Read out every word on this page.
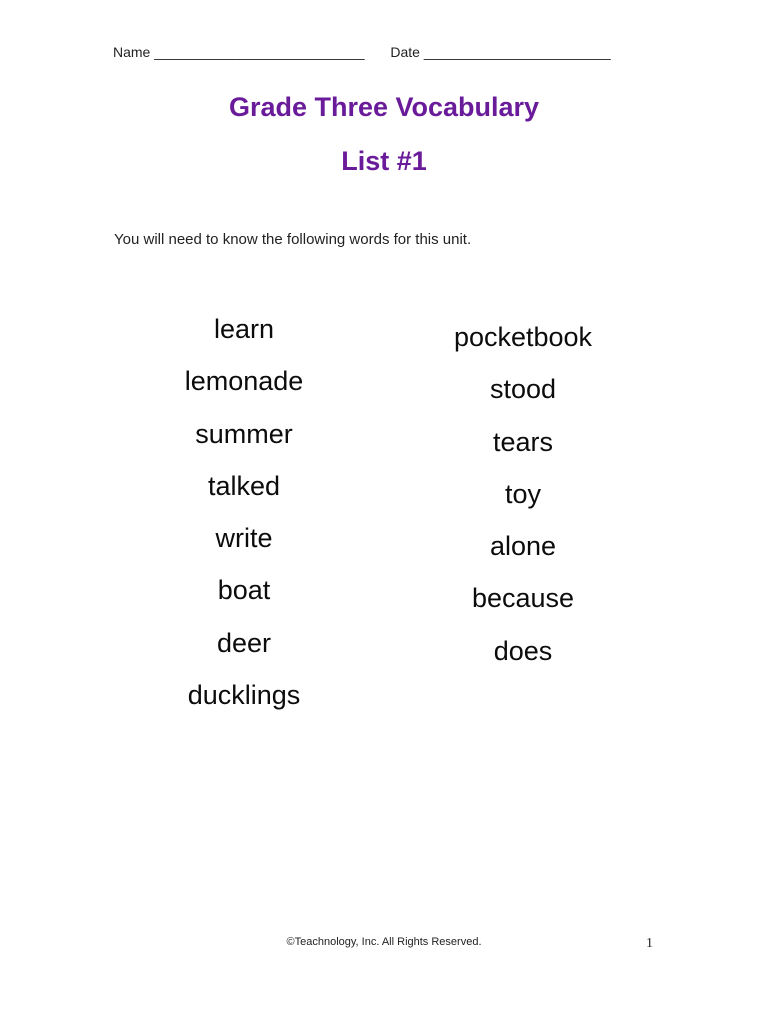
Name ___________________________ Date ________________________
Grade Three Vocabulary
List #1

You will need to know the following words for this unit.

learn
lemonade
summer
talked
write
boat
deer
ducklings
pocketbook
stood
tears
toy
alone
because
does

©Teachnology, Inc. All Rights Reserved.	1
